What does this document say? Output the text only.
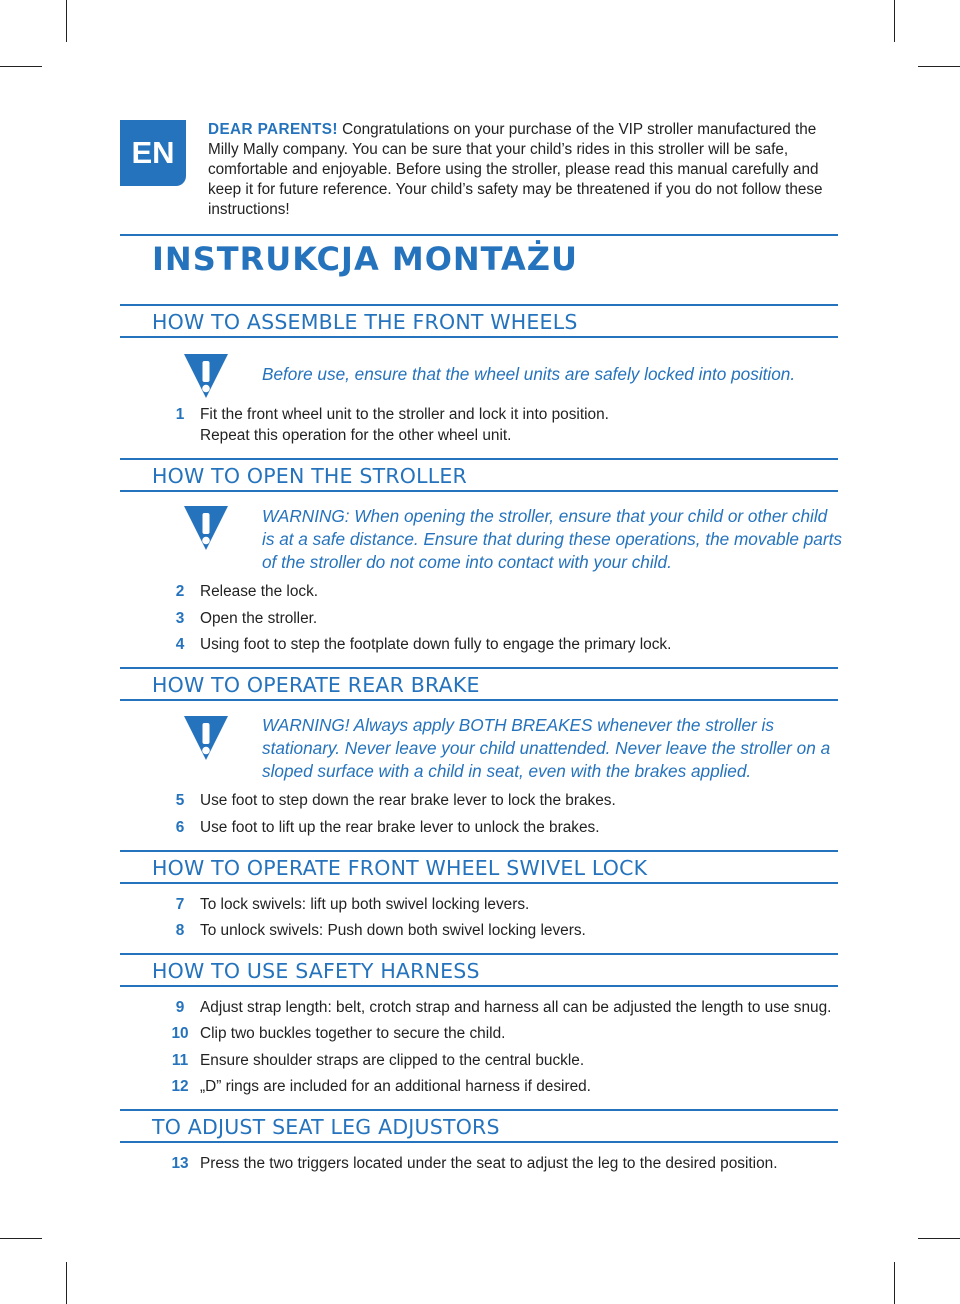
EN
DEAR PARENTS! Congratulations on your purchase of the VIP stroller manufactured the Milly Mally company. You can be sure that your child’s rides in this stroller will be safe, comfortable and enjoyable. Before using the stroller, please read this manual carefully and keep it for future reference. Your child’s safety may be threatened if you do not follow these instructions!
INSTRUKCJA MONTAŻU
HOW TO ASSEMBLE THE FRONT WHEELS
Before use, ensure that the wheel units are safely locked into position.
1	Fit the front wheel unit to the stroller and lock it into position.
Repeat this operation for the other wheel unit.
HOW TO OPEN THE STROLLER
WARNING: When opening the stroller, ensure that your child or other child is at a safe distance. Ensure that during these operations, the movable parts of the stroller do not come into contact with your child.
2	Release the lock.
3	Open the stroller.
4	Using foot to step the footplate down fully to engage the primary lock.
HOW TO OPERATE REAR BRAKE
WARNING! Always apply BOTH BREAKES whenever the stroller is stationary. Never leave your child unattended. Never leave the stroller on a sloped surface with a child in seat, even with the brakes applied.
5	Use foot to step down the rear brake lever to lock the brakes.
6	Use foot to lift up the rear brake lever to unlock the brakes.
HOW TO OPERATE FRONT WHEEL SWIVEL LOCK
7	To lock swivels: lift up both swivel locking levers.
8	To unlock swivels: Push down both swivel locking levers.
HOW TO USE SAFETY HARNESS
9	Adjust strap length: belt, crotch strap and harness all can be adjusted the length to use snug.
10 Clip two buckles together to secure the child.
11 Ensure shoulder straps are clipped to the central buckle.
12 „D” rings are included for an additional harness if desired.
TO ADJUST SEAT LEG ADJUSTORS
13 Press the two triggers located under the seat to adjust the leg to the desired position.
